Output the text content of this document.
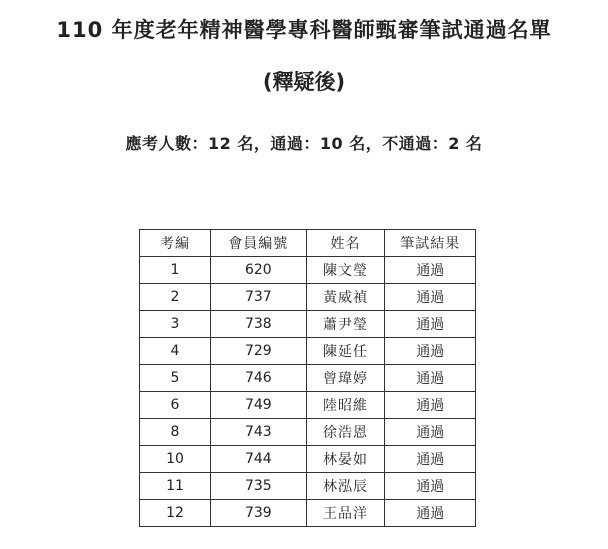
110 年度老年精神醫學專科醫師甄審筆試通過名單
(釋疑後)
應考人數：12 名，通過：10 名，不通過：2 名
考編	會員編號	姓名	筆試結果
1	620	陳文瑩	通過
2	737	黃威禎	通過
3	738	蕭尹瑩	通過
4	729	陳延任	通過
5	746	曾瑋婷	通過
6	749	陸昭維	通過
8	743	徐浩恩	通過
10	744	林晏如	通過
11	735	林泓辰	通過
12	739	王品洋	通過
